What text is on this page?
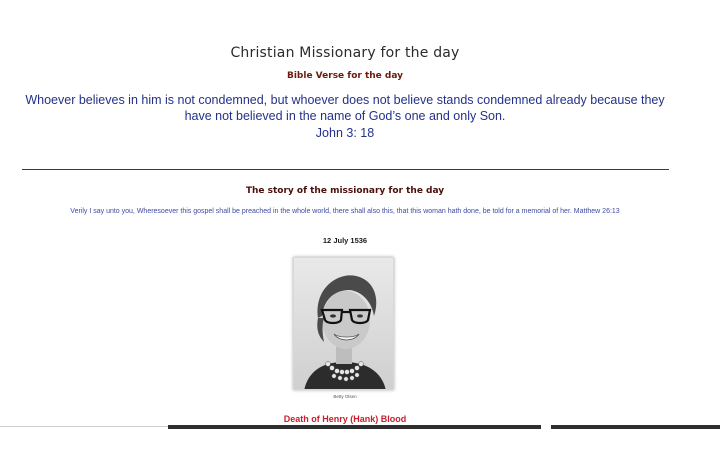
Christian Missionary for the day
Bible Verse for the day
Whoever believes in him is not condemned, but whoever does not believe stands condemned already because they have not believed in the name of God’s one and only Son.
John 3: 18
The story of the missionary for the day
Verily I say unto you, Wheresoever this gospel shall be preached in the whole world, there shall also this, that this woman hath done, be told for a memorial of her. Matthew 26:13
12 July 1536
Betty Olsen
Death of Henry (Hank) Blood
